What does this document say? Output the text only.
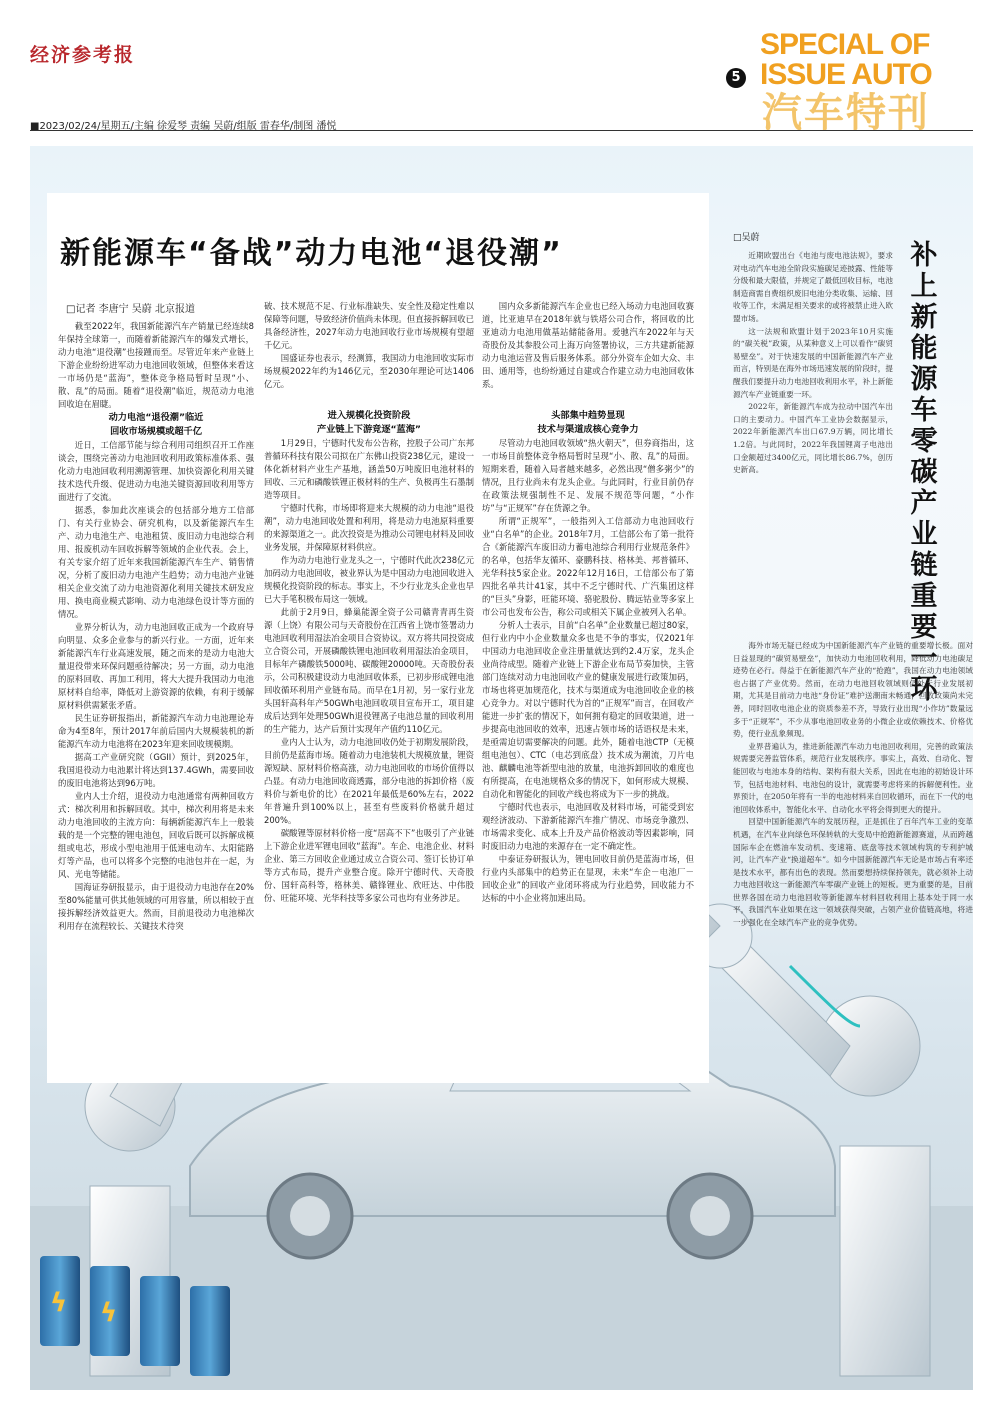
经济参考报
5
SPECIAL OF
ISSUE AUTO
汽车特刊
■2023/02/24/星期五/主编 徐爱琴 责编 吴蔚/组版 雷春华/制图 潘悦
ϟ ϟ
新能源车“备战”动力电池“退役潮”
□记者 李唐宁 吴蔚 北京报道

截至2022年，我国新能源汽车产销量已经连续8年保持全球第一，而随着新能源汽车的爆发式增长，动力电池“退役潮”也接踵而至。尽管近年来产业链上下游企业纷纷进军动力电池回收领域，但整体来看这一市场仍是“蓝海”，整体竞争格局暂时呈现“小、散、乱”的局面。随着“退役潮”临近，规范动力电池回收迫在眉睫。

动力电池“退役潮”临近
回收市场规模或超千亿

近日，工信部节能与综合利用司组织召开工作座谈会，围绕完善动力电池回收利用政策标准体系、强化动力电池回收利用溯源管理、加快资源化利用关键技术迭代升级、促进动力电池关键资源回收利用等方面进行了交流。

据悉，参加此次座谈会的包括部分地方工信部门、有关行业协会、研究机构，以及新能源汽车生产、动力电池生产、电池租赁、废旧动力电池综合利用、报废机动车回收拆解等领域的企业代表。会上，有关专家介绍了近年来我国新能源汽车生产、销售情况，分析了废旧动力电池产生趋势；动力电池产业链相关企业交流了动力电池资源化利用关键技术研发应用、换电商业模式影响、动力电池绿色设计等方面的情况。

业界分析认为，动力电池回收正成为一个政府导向明显、众多企业参与的新兴行业。一方面，近年来新能源汽车行业高速发展，随之而来的是动力电池大量退役带来环保问题亟待解决；另一方面，动力电池的原料回收、再加工利用，将大大提升我国动力电池原材料自给率，降低对上游资源的依赖，有利于缓解原材料供需紧张矛盾。

民生证券研报指出，新能源汽车动力电池理论寿命为4至8年，预计2017年前后国内大规模装机的新能源汽车动力电池将在2023年迎来回收规模期。

据高工产业研究院（GGII）预计，到2025年，我国退役动力电池累计将达到137.4GWh，需要回收的废旧电池将达到96万吨。

业内人士介绍，退役动力电池通常有两种回收方式：梯次利用和拆解回收。其中，梯次利用将是未来动力电池回收的主流方向：每辆新能源汽车上一般装载的是一个完整的锂电池包，回收后既可以拆解成模组或电芯，形成小型电池用于低速电动车、太阳能路灯等产品，也可以将多个完整的电池包并在一起，为风、光电等储能。

国海证券研报显示，由于退役动力电池存在20%至80%能量可供其他领域的可用容量，所以相较于直接拆解经济效益更大。然而，目前退役动力电池梯次利用存在流程较长、关键技术待突

破、技术规范不足、行业标准缺失、安全性及稳定性难以保障等问题，导致经济价值尚未体现。但直接拆解回收已具备经济性，2027年动力电池回收行业市场规模有望超千亿元。

国盛证券也表示，经测算，我国动力电池回收实际市场规模2022年约为146亿元，至2030年理论可达1406亿元。

进入规模化投资阶段
产业链上下游竞逐“蓝海”

1月29日，宁德时代发布公告称，控股子公司广东邦普循环科技有限公司拟在广东佛山投资238亿元，建设一体化新材料产业生产基地，涵盖50万吨废旧电池材料的回收、三元和磷酸铁锂正极材料的生产、负极再生石墨制造等项目。

宁德时代称，市场即将迎来大规模的动力电池“退役潮”，动力电池回收处置和利用，将是动力电池原料重要的来源渠道之一。此次投资是为推动公司锂电材料及回收业务发展，并保障原材料供应。

作为动力电池行业龙头之一，宁德时代此次238亿元加码动力电池回收，被业界认为是中国动力电池回收进入规模化投资阶段的标志。事实上，不少行业龙头企业也早已大手笔积极布局这一领域。

此前于2月9日，蜂巢能源全资子公司赣青青再生资源（上饶）有限公司与天奇股份在江西省上饶市签署动力电池回收利用湿法冶金项目合资协议。双方将共同投资成立合资公司，开展磷酸铁锂电池回收利用湿法冶金项目，目标年产磷酸铁5000吨、碳酸锂20000吨。天奇股份表示，公司积极建设动力电池回收体系，已初步形成锂电池回收循环利用产业链布局。而早在1月初，另一家行业龙头国轩高科年产50GWh电池回收项目宣布开工，项目建成后达到年处理50GWh退役锂离子电池总量的回收利用的生产能力，达产后预计实现年产值约110亿元。

业内人士认为，动力电池回收仍处于初期发展阶段，目前仍是蓝海市场。随着动力电池装机大规模放量，锂资源短缺、原材料价格高涨，动力电池回收的市场价值得以凸显。有动力电池回收商透露，部分电池的拆卸价格（废料价与新电价的比）在2021年最低是60%左右，2022年普遍升到100%以上，甚至有些废料价格就升超过200%。

碳酸锂等原材料价格一度“居高不下”也吸引了产业链上下游企业进军锂电回收“蓝海”。车企、电池企业、材料企业、第三方回收企业通过成立合资公司、签订长协订单等方式布局，提升产业整合度。除开宁德时代、天奇股份、国轩高科等，格林美、赣锋锂业、欣旺达、中伟股份、旺能环境、光华科技等多家公司也均有业务涉足。

国内众多新能源汽车企业也已经入场动力电池回收赛道，比亚迪早在2018年就与铁塔公司合作，将回收的比亚迪动力电池用做基站储能备用。爱驰汽车2022年与天奇股份及其参股公司上海万向签署协议，三方共建新能源动力电池运营及售后服务体系。部分外资车企如大众、丰田、通用等，也纷纷通过自建或合作建立动力电池回收体系。

头部集中趋势显现
技术与渠道成核心竞争力

尽管动力电池回收领域“热火朝天”，但券商指出，这一市场目前整体竞争格局暂时呈现“小、散、乱”的局面。短期来看，随着入局者越来越多，必然出现“僧多粥少”的情况，且行业尚未有龙头企业。与此同时，行业目前仍存在政策法规强制性不足、发展不规范等问题，“小作坊”与“正规军”存在货源之争。

所谓“正规军”，一般指列入工信部动力电池回收行业“白名单”的企业。2018年7月，工信部公布了第一批符合《新能源汽车废旧动力蓄电池综合利用行业规范条件》的名单，包括华友循环、豪鹏科技、格林美、邦普循环、光华科技5家企业。2022年12月16日，工信部公布了第四批名单共计41家，其中不乏宁德时代、广汽集团这样的“巨头”身影，旺能环境、骆驼股份、腾远钴业等多家上市公司也发布公告，称公司或相关下属企业被列入名单。

分析人士表示，目前“白名单”企业数量已超过80家，但行业内中小企业数量众多也是不争的事实，仅2021年中国动力电池回收企业注册量就达到约2.4万家，龙头企业尚待成型。随着产业链上下游企业布局节奏加快，主管部门连续对动力电池回收产业的健康发展进行政策加码，市场也将更加规范化，技术与渠道成为电池回收企业的核心竞争力。对以宁德时代为首的“正规军”而言，在回收产能进一步扩张的情况下，如何拥有稳定的回收渠道，进一步提高电池回收的效率，迅速占领市场的话语权是未来，是亟需迫切需要解决的问题。此外，随着电池CTP（无模组电池包）、CTC（电芯到底盘）技术成为潮流，刀片电池、麒麟电池等新型电池的放量，电池拆卸回收的难度也有所提高，在电池规格众多的情况下，如何形成大规模、自动化和智能化的回收产线也将成为下一步的挑战。

宁德时代也表示，电池回收及材料市场，可能受到宏观经济波动、下游新能源汽车推广情况、市场竞争激烈、市场需求变化、成本上升及产品价格波动等因素影响，同时废旧动力电池的来源存在一定不确定性。

中泰证券研报认为，锂电回收目前仍是蓝海市场，但行业内头部集中的趋势正在显现，未来“车企－电池厂－回收企业”的回收产业闭环将成为行业趋势，回收能力不达标的中小企业将加速出局。

□吴蔚
补上新能源车零碳产业链重要一环

近期欧盟出台《电池与废电池法规》，要求对电动汽车电池全阶段实施碳足迹披露、性能等分级和最大限值，并规定了最低回收目标，电池制造商需自费组织废旧电池分类收集、运输、回收等工作，未满足相关要求的或将被禁止进入欧盟市场。

这一法规和欧盟计划于2023年10月实施的“碳关税”政策，从某种意义上可以看作“碳贸易壁垒”。对于快速发展的中国新能源汽车产业而言，特别是在海外市场迅速发展的阶段时，提醒我们要提升动力电池回收利用水平，补上新能源汽车产业链重要一环。

2022年，新能源汽车成为拉动中国汽车出口的主要动力。中国汽车工业协会数据显示，2022年新能源汽车出口67.9万辆，同比增长1.2倍。与此同时，2022年我国锂离子电池出口金额超过3400亿元，同比增长86.7%，创历史新高。

海外市场无疑已经成为中国新能源汽车产业链的重要增长极。面对日益显现的“碳贸易壁垒”，加快动力电池回收利用，降低动力电池碳足迹势在必行。得益于在新能源汽车产业的“抢跑”，我国在动力电池领域也占据了产业优势。然而，在动力电池回收领域则仍处于行业发展初期，尤其是目前动力电池“身份证”难护送潮南未畅通，回收政策尚未完善，同时回收电池企业的资质参差不齐，导致行业出现“小作坊”数量远多于“正规军”，不少从事电池回收业务的小微企业或依赖技术、价格优势，使行业乱象频现。

业界普遍认为，推进新能源汽车动力电池回收利用，完善的政策法规需要完善监管体系，规范行业发展秩序。事实上，高效、自动化、智能回收与电池本身的结构、架构有很大关系，因此在电池的初始设计环节，包括电池材料、电池包的设计，就需要考虑将来的拆解便利性。业界预计，在2050年将有一半的电池材料来自回收循环，而在下一代的电池回收体系中，智能化水平、自动化水平将会得到更大的提升。

回望中国新能源汽车的发展历程，正是抓住了百年汽车工业的变革机遇，在汽车业向绿色环保转轨的大变局中抢跑新能源赛道，从而跨越国际车企在燃油车发动机、变速箱、底盘等技术领域构筑的专利护城河，让汽车产业“换道超车”。如今中国新能源汽车无论是市场占有率还是技术水平，都有出色的表现。然而要想持续保持领先，就必须补上动力电池回收这一新能源汽车零碳产业链上的短板。更为重要的是，目前世界各国在动力电池回收等新能源车材料回收利用上基本处于同一水平，我国汽车业如果在这一领域获得突破，占领产业价值链高地，将进一步强化在全球汽车产业的竞争优势。
